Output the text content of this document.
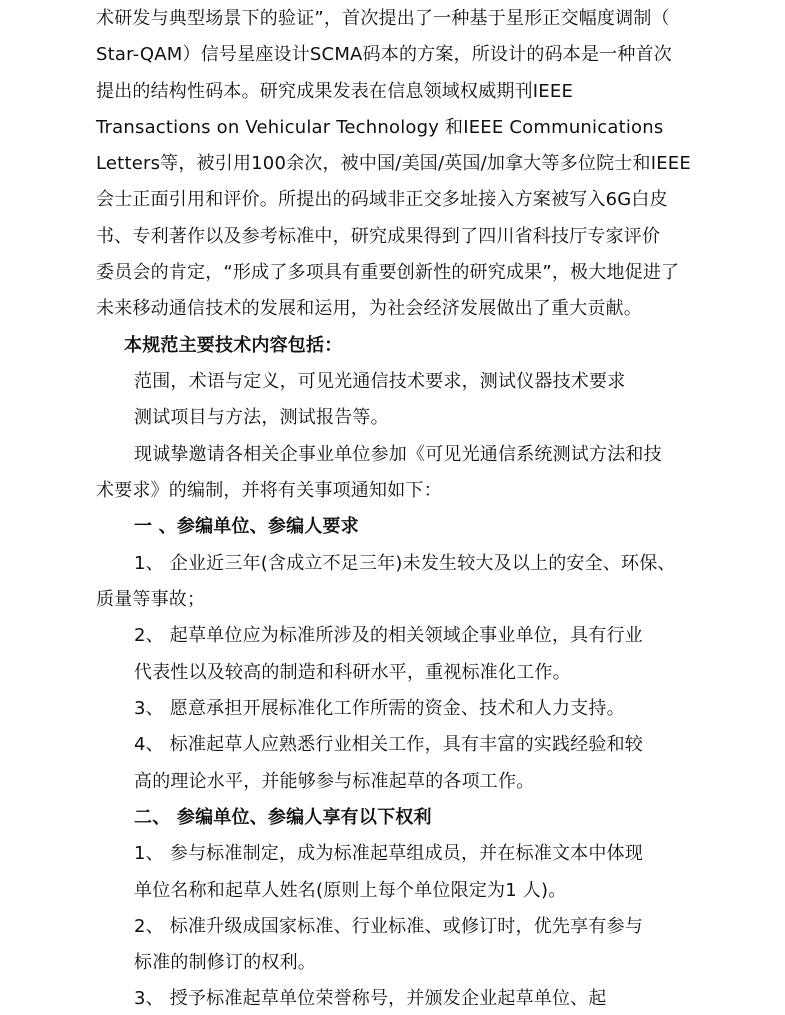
术研发与典型场景下的验证”，首次提出了一种基于星形正交幅度调制（
Star-QAM）信号星座设计SCMA码本的方案，所设计的码本是一种首次
提出的结构性码本。研究成果发表在信息领域权威期刊IEEE
Transactions on Vehicular Technology 和IEEE Communications
Letters等，被引用100余次，被中国/美国/英国/加拿大等多位院士和IEEE
会士正面引用和评价。所提出的码域非正交多址接入方案被写入6G白皮
书、专利著作以及参考标准中，研究成果得到了四川省科技厅专家评价
委员会的肯定，“形成了多项具有重要创新性的研究成果”，极大地促进了
未来移动通信技术的发展和运用，为社会经济发展做出了重大贡献。
本规范主要技术内容包括：
范围，术语与定义，可见光通信技术要求，测试仪器技术要求
测试项目与方法，测试报告等。
现诚挚邀请各相关企事业单位参加《可见光通信系统测试方法和技
术要求》的编制，并将有关事项通知如下：
一 、参编单位、参编人要求
1、 企业近三年(含成立不足三年)未发生较大及以上的安全、环保、
质量等事故；
2、 起草单位应为标准所涉及的相关领域企事业单位，具有行业
代表性以及较高的制造和科研水平，重视标准化工作。
3、 愿意承担开展标准化工作所需的资金、技术和人力支持。
4、 标准起草人应熟悉行业相关工作，具有丰富的实践经验和较
高的理论水平，并能够参与标准起草的各项工作。
二、 参编单位、参编人享有以下权利
1、 参与标准制定，成为标准起草组成员，并在标准文本中体现
单位名称和起草人姓名(原则上每个单位限定为1 人)。
2、 标准升级成国家标准、行业标准、或修订时，优先享有参与
标准的制修订的权利。
3、 授予标准起草单位荣誉称号，并颁发企业起草单位、起
